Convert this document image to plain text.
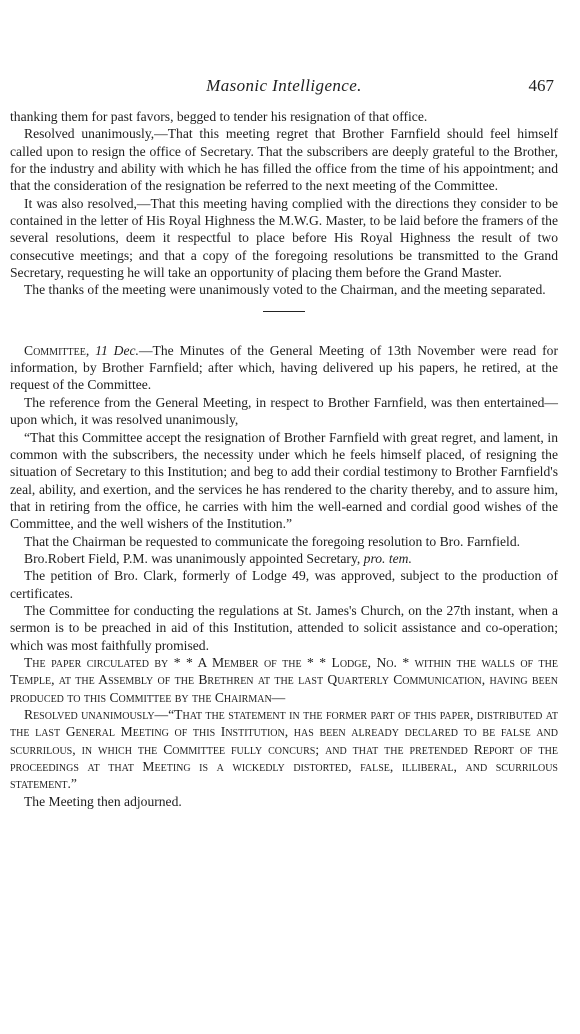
Masonic Intelligence.	467

thanking them for past favors, begged to tender his resignation of that office.

Resolved unanimously,—That this meeting regret that Brother Farnfield should feel himself called upon to resign the office of Secretary. That the subscribers are deeply grateful to the Brother, for the industry and ability with which he has filled the office from the time of his appointment; and that the consideration of the resignation be referred to the next meeting of the Committee.

It was also resolved,—That this meeting having complied with the directions they consider to be contained in the letter of His Royal Highness the M.W.G. Master, to be laid before the framers of the several resolutions, deem it respectful to place before His Royal Highness the result of two consecutive meetings; and that a copy of the foregoing resolutions be transmitted to the Grand Secretary, requesting he will take an opportunity of placing them before the Grand Master.

The thanks of the meeting were unanimously voted to the Chairman, and the meeting separated.

Committee, 11 Dec.—The Minutes of the General Meeting of 13th November were read for information, by Brother Farnfield; after which, having delivered up his papers, he retired, at the request of the Committee.

The reference from the General Meeting, in respect to Brother Farnfield, was then entertained—upon which, it was resolved unanimously,

“That this Committee accept the resignation of Brother Farnfield with great regret, and lament, in common with the subscribers, the necessity under which he feels himself placed, of resigning the situation of Secretary to this Institution; and beg to add their cordial testimony to Brother Farnfield's zeal, ability, and exertion, and the services he has rendered to the charity thereby, and to assure him, that in retiring from the office, he carries with him the well-earned and cordial good wishes of the Committee, and the well wishers of the Institution.”

That the Chairman be requested to communicate the foregoing resolution to Bro. Farnfield.

Bro.Robert Field, P.M. was unanimously appointed Secretary, pro. tem.

The petition of Bro. Clark, formerly of Lodge 49, was approved, subject to the production of certificates.

The Committee for conducting the regulations at St. James's Church, on the 27th instant, when a sermon is to be preached in aid of this Institution, attended to solicit assistance and co-operation; which was most faithfully promised.

The paper circulated by * * A Member of the * * Lodge, No. * within the walls of the Temple, at the Assembly of the Brethren at the last Quarterly Communication, having been produced to this Committee by the Chairman—

Resolved unanimously—“That the statement in the former part of this paper, distributed at the last General Meeting of this Institution, has been already declared to be false and scurrilous, in which the Committee fully concurs; and that the pretended Report of the proceedings at that Meeting is a wickedly distorted, false, illiberal, and scurrilous statement.”

The Meeting then adjourned.
